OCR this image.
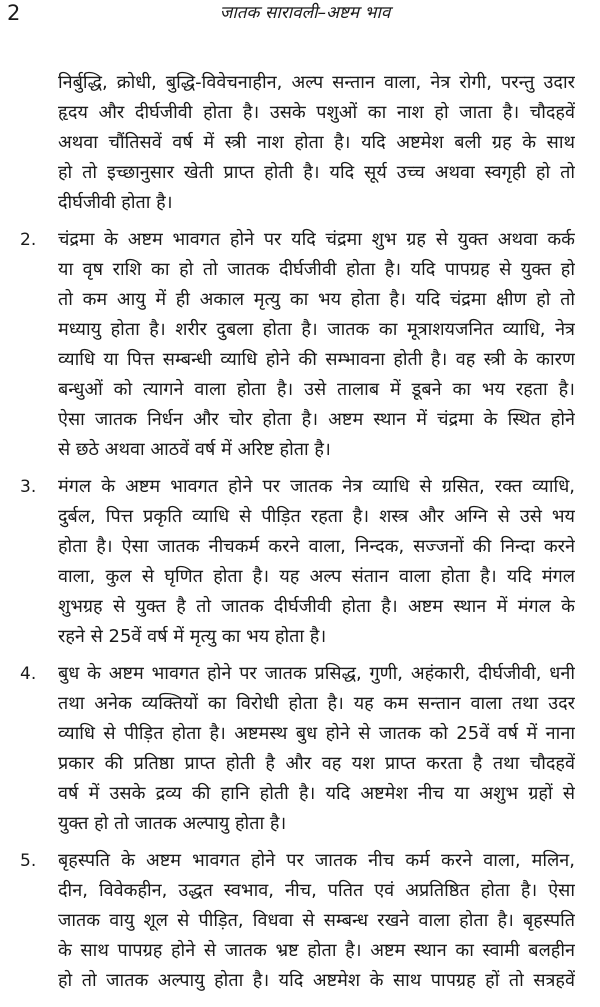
2	जातक सारावली–अष्टम भाव
निर्बुद्धि, क्रोधी, बुद्धि-विवेचनाहीन, अल्प सन्तान वाला, नेत्र रोगी, परन्तु उदार
हृदय और दीर्घजीवी होता है। उसके पशुओं का नाश हो जाता है। चौदहवें
अथवा चौंतिसवें वर्ष में स्त्री नाश होता है। यदि अष्टमेश बली ग्रह के साथ
हो तो इच्छानुसार खेती प्राप्त होती है। यदि सूर्य उच्च अथवा स्वगृही हो तो
दीर्घजीवी होता है।
2. चंद्रमा के अष्टम भावगत होने पर यदि चंद्रमा शुभ ग्रह से युक्त अथवा कर्क
या वृष राशि का हो तो जातक दीर्घजीवी होता है। यदि पापग्रह से युक्त हो
तो कम आयु में ही अकाल मृत्यु का भय होता है। यदि चंद्रमा क्षीण हो तो
मध्यायु होता है। शरीर दुबला होता है। जातक का मूत्राशयजनित व्याधि, नेत्र
व्याधि या पित्त सम्बन्धी व्याधि होने की सम्भावना होती है। वह स्त्री के कारण
बन्धुओं को त्यागने वाला होता है। उसे तालाब में डूबने का भय रहता है।
ऐसा जातक निर्धन और चोर होता है। अष्टम स्थान में चंद्रमा के स्थित होने
से छठे अथवा आठवें वर्ष में अरिष्ट होता है।
3. मंगल के अष्टम भावगत होने पर जातक नेत्र व्याधि से ग्रसित, रक्त व्याधि,
दुर्बल, पित्त प्रकृति व्याधि से पीड़ित रहता है। शस्त्र और अग्नि से उसे भय
होता है। ऐसा जातक नीचकर्म करने वाला, निन्दक, सज्जनों की निन्दा करने
वाला, कुल से घृणित होता है। यह अल्प संतान वाला होता है। यदि मंगल
शुभग्रह से युक्त है तो जातक दीर्घजीवी होता है। अष्टम स्थान में मंगल के
रहने से 25वें वर्ष में मृत्यु का भय होता है।
4. बुध के अष्टम भावगत होने पर जातक प्रसिद्ध, गुणी, अहंकारी, दीर्घजीवी, धनी
तथा अनेक व्यक्तियों का विरोधी होता है। यह कम सन्तान वाला तथा उदर
व्याधि से पीड़ित होता है। अष्टमस्थ बुध होने से जातक को 25वें वर्ष में नाना
प्रकार की प्रतिष्ठा प्राप्त होती है और वह यश प्राप्त करता है तथा चौदहवें
वर्ष में उसके द्रव्य की हानि होती है। यदि अष्टमेश नीच या अशुभ ग्रहों से
युक्त हो तो जातक अल्पायु होता है।
5. बृहस्पति के अष्टम भावगत होने पर जातक नीच कर्म करने वाला, मलिन,
दीन, विवेकहीन, उद्धत स्वभाव, नीच, पतित एवं अप्रतिष्ठित होता है। ऐसा
जातक वायु शूल से पीड़ित, विधवा से सम्बन्ध रखने वाला होता है। बृहस्पति
के साथ पापग्रह होने से जातक भ्रष्ट होता है। अष्टम स्थान का स्वामी बलहीन
हो तो जातक अल्पायु होता है। यदि अष्टमेश के साथ पापग्रह हों तो सत्रहवें
